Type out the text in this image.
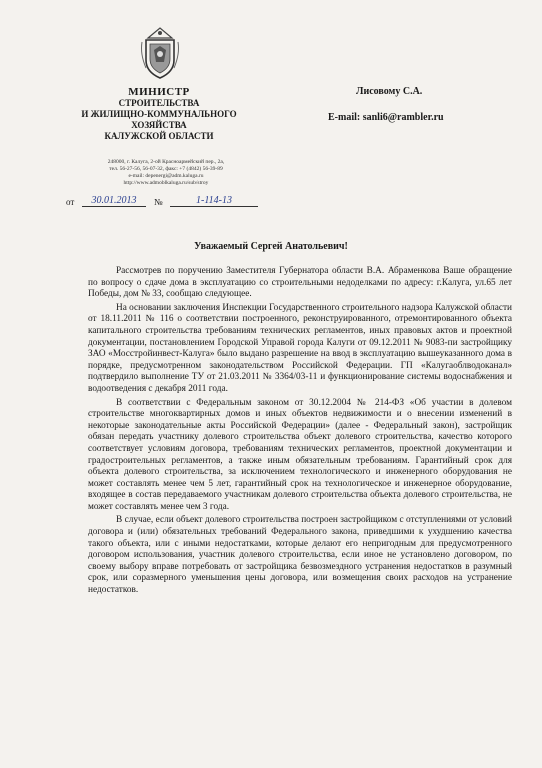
МИНИСТР
СТРОИТЕЛЬСТВА
И ЖИЛИЩНО-КОММУНАЛЬНОГО
ХОЗЯЙСТВА
КАЛУЖСКОЙ ОБЛАСТИ
248000, г. Калуга, 2-ой Красноармейский пер., 2а,
тел. 56-27-56, 56-07-32, факс: +7 (4842) 56-39-89
e-mail: depenergi@adm.kaluga.ru
http://www.admoblkaluga.ru/sub/stroy
от	30.01.2013	№	1-114-13
Лисовому С.А.
E-mail: sanli6@rambler.ru
Уважаемый Сергей Анатольевич!

Рассмотрев по поручению Заместителя Губернатора области В.А. Абраменкова Ваше обращение по вопросу о сдаче дома в эксплуатацию со строительными недоделками по адресу: г.Калуга, ул.65 лет Победы, дом № 33, сообщаю следующее.

На основании заключения Инспекции Государственного строительного надзора Калужской области от 18.11.2011 № 116 о соответствии построенного, реконструированного, отремонтированного объекта капитального строительства требованиям технических регламентов, иных правовых актов и проектной документации, постановлением Городской Управой города Калуги от 09.12.2011 № 9083-пи застройщику ЗАО «Мосстройинвест-Калуга» было выдано разрешение на ввод в эксплуатацию вышеуказанного дома в порядке, предусмотренном законодательством Российской Федерации. ГП «Калугаоблводоканал» подтвердило выполнение ТУ от 21.03.2011 № 3364/03-11 и функционирование системы водоснабжения и водоотведения с декабря 2011 года.

В соответствии с Федеральным законом от 30.12.2004 № 214-ФЗ «Об участии в долевом строительстве многоквартирных домов и иных объектов недвижимости и о внесении изменений в некоторые законодательные акты Российской Федерации» (далее - Федеральный закон), застройщик обязан передать участнику долевого строительства объект долевого строительства, качество которого соответствует условиям договора, требованиям технических регламентов, проектной документации и градостроительных регламентов, а также иным обязательным требованиям. Гарантийный срок для объекта долевого строительства, за исключением технологического и инженерного оборудования не может составлять менее чем 5 лет, гарантийный срок на технологическое и инженерное оборудование, входящее в состав передаваемого участникам долевого строительства объекта долевого строительства, не может составлять менее чем 3 года.

В случае, если объект долевого строительства построен застройщиком с отступлениями от условий договора и (или) обязательных требований Федерального закона, приведшими к ухудшению качества такого объекта, или с иными недостатками, которые делают его непригодным для предусмотренного договором использования, участник долевого строительства, если иное не установлено договором, по своему выбору вправе потребовать от застройщика безвозмездного устранения недостатков в разумный срок, или соразмерного уменьшения цены договора, или возмещения своих расходов на устранение недостатков.
